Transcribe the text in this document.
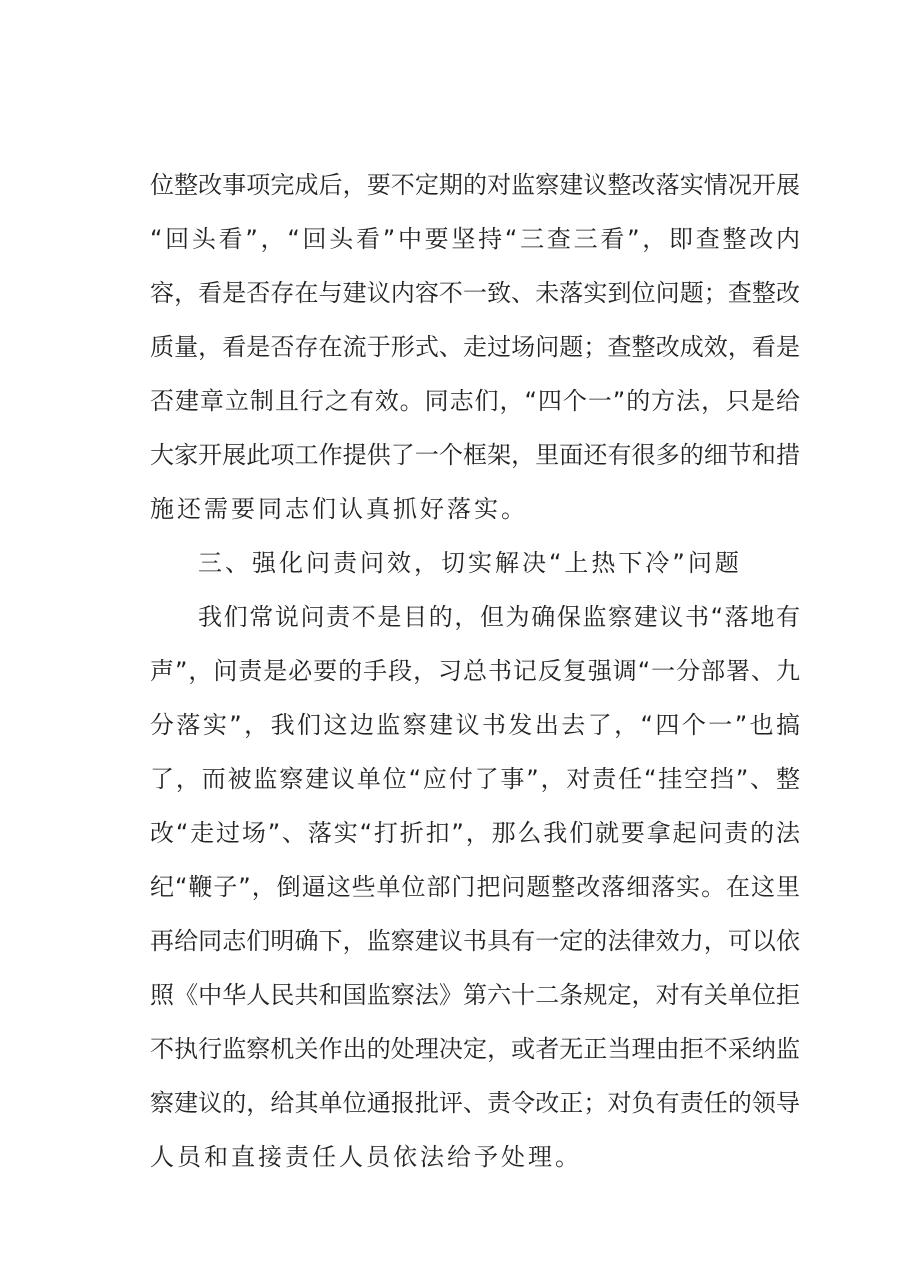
位整改事项完成后，要不定期的对监察建议整改落实情况开展
“回头看”，“回头看”中要坚持“三查三看”，即查整改内
容，看是否存在与建议内容不一致、未落实到位问题；查整改
质量，看是否存在流于形式、走过场问题；查整改成效，看是
否建章立制且行之有效。同志们，“四个一”的方法，只是给
大家开展此项工作提供了一个框架，里面还有很多的细节和措
施还需要同志们认真抓好落实。
三、强化问责问效，切实解决“上热下冷”问题
我们常说问责不是目的，但为确保监察建议书“落地有
声”，问责是必要的手段，习总书记反复强调“一分部署、九
分落实”，我们这边监察建议书发出去了，“四个一”也搞
了，而被监察建议单位“应付了事”，对责任“挂空挡”、整
改“走过场”、落实“打折扣”，那么我们就要拿起问责的法
纪“鞭子”，倒逼这些单位部门把问题整改落细落实。在这里
再给同志们明确下，监察建议书具有一定的法律效力，可以依
照《中华人民共和国监察法》第六十二条规定，对有关单位拒
不执行监察机关作出的处理决定，或者无正当理由拒不采纳监
察建议的，给其单位通报批评、责令改正；对负有责任的领导
人员和直接责任人员依法给予处理。
